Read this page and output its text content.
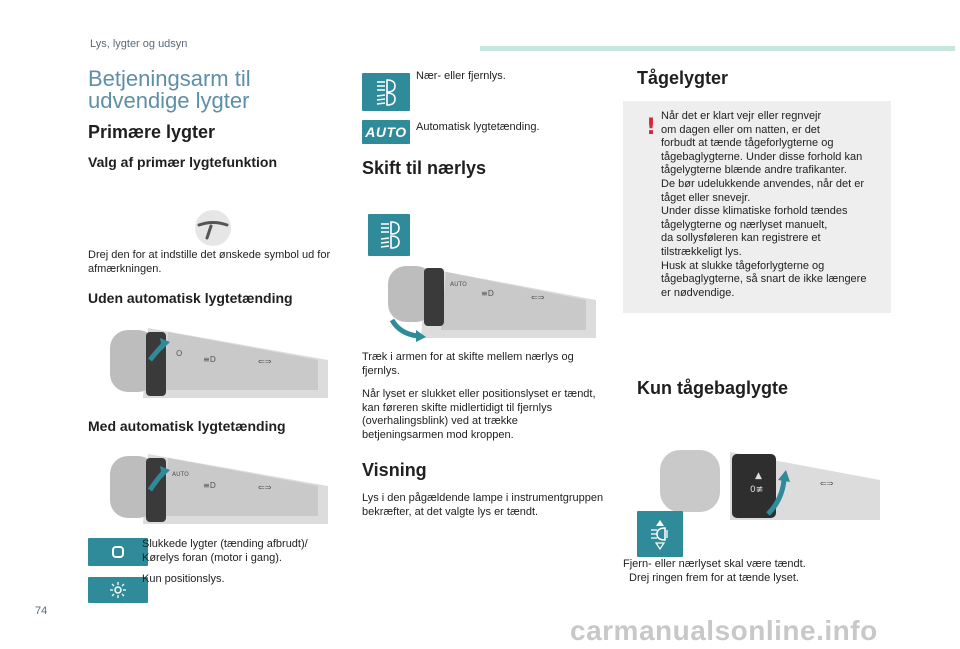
Lys, lygter og udsyn
Betjeningsarm til
udvendige lygter
Primære lygter
Valg af primær lygtefunktion
Drej den for at indstille det ønskede symbol ud for afmærkningen.
Uden automatisk lygtetænding
O
≡D	⇐⇒
Med automatisk lygtetænding
AUTO
≡D	⇐⇒
Slukkede lygter (tænding afbrudt)/ Kørelys foran (motor i gang).
Kun positionslys.
Nær- eller fjernlys.
AUTO Automatisk lygtetænding.
Skift til nærlys
AUTO
≡D	⇐⇒
Træk i armen for at skifte mellem nærlys og fjernlys.
Når lyset er slukket eller positionslyset er tændt, kan føreren skifte midlertidigt til fjernlys (overhalingsblink) ved at trække betjeningsarmen mod kroppen.
Visning
Lys i den pågældende lampe i instrumentgruppen bekræfter, at det valgte lys er tændt.
Tågelygter
! Når det er klart vejr eller regnvejr
om dagen eller om natten, er det
forbudt at tænde tågeforlygterne og
tågebaglygterne. Under disse forhold kan
tågelygterne blænde andre trafikanter.
De bør udelukkende anvendes, når det er
tåget eller snevejr.
Under disse klimatiske forhold tændes
tågelygterne og nærlyset manuelt,
da sollysføleren kan registrere et
tilstrækkeligt lys.
Husk at slukke tågeforlygterne og
tågebaglygterne, så snart de ikke længere
er nødvendige.
Kun tågebaglygte
▲
0≢
⇐⇒
Fjern- eller nærlyset skal være tændt.
Drej ringen frem for at tænde lyset.
74
carmanualsonline.info
